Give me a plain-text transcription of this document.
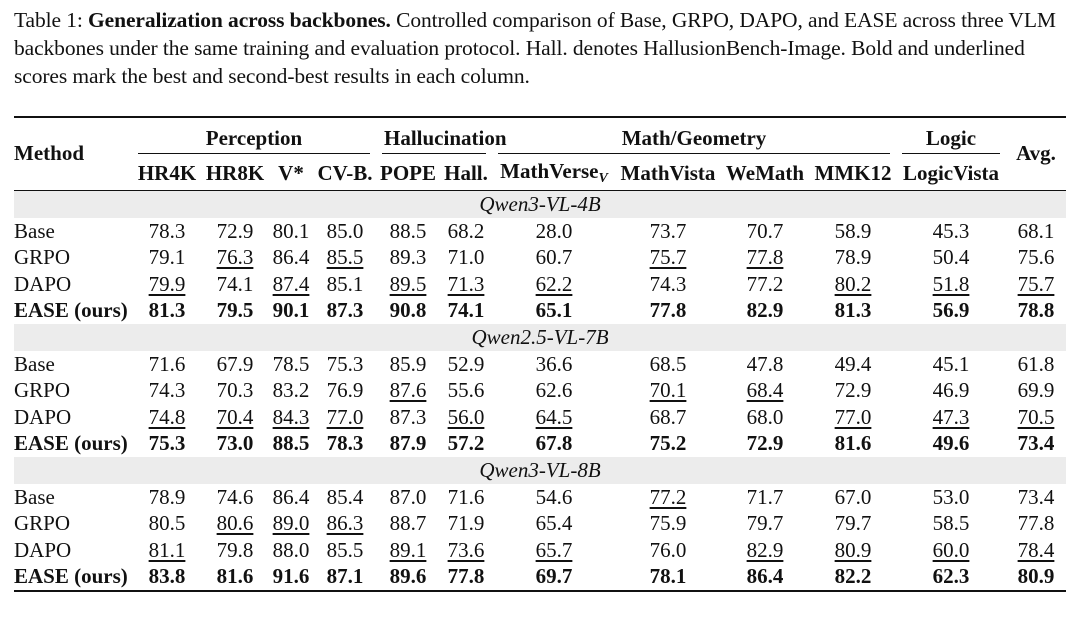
Table 1: Generalization across backbones. Controlled comparison of Base, GRPO, DAPO, and EASE across three VLM backbones under the same training and evaluation protocol. Hall. denotes HallusionBench-Image. Bold and underlined scores mark the best and second-best results in each column.

Method	Perception				Hallucination		Math/Geometry				Logic	Avg.
	HR4K	HR8K	V*	CV-B.	POPE	Hall.	MathVerse$_V$	MathVista	WeMath	MMK12	LogicVista	
Qwen3-VL-4B												
Base	78.3	72.9	80.1	85.0	88.5	68.2	28.0	73.7	70.7	58.9	45.3	68.1
GRPO	79.1	76.3	86.4	85.5	89.3	71.0	60.7	75.7	77.8	78.9	50.4	75.6
DAPO	79.9	74.1	87.4	85.1	89.5	71.3	62.2	74.3	77.2	80.2	51.8	75.7
EASE (ours)	81.3	79.5	90.1	87.3	90.8	74.1	65.1	77.8	82.9	81.3	56.9	78.8
Qwen2.5-VL-7B												
Base	71.6	67.9	78.5	75.3	85.9	52.9	36.6	68.5	47.8	49.4	45.1	61.8
GRPO	74.3	70.3	83.2	76.9	87.6	55.6	62.6	70.1	68.4	72.9	46.9	69.9
DAPO	74.8	70.4	84.3	77.0	87.3	56.0	64.5	68.7	68.0	77.0	47.3	70.5
EASE (ours)	75.3	73.0	88.5	78.3	87.9	57.2	67.8	75.2	72.9	81.6	49.6	73.4
Qwen3-VL-8B												
Base	78.9	74.6	86.4	85.4	87.0	71.6	54.6	77.2	71.7	67.0	53.0	73.4
GRPO	80.5	80.6	89.0	86.3	88.7	71.9	65.4	75.9	79.7	79.7	58.5	77.8
DAPO	81.1	79.8	88.0	85.5	89.1	73.6	65.7	76.0	82.9	80.9	60.0	78.4
EASE (ours)	83.8	81.6	91.6	87.1	89.6	77.8	69.7	78.1	86.4	82.2	62.3	80.9
